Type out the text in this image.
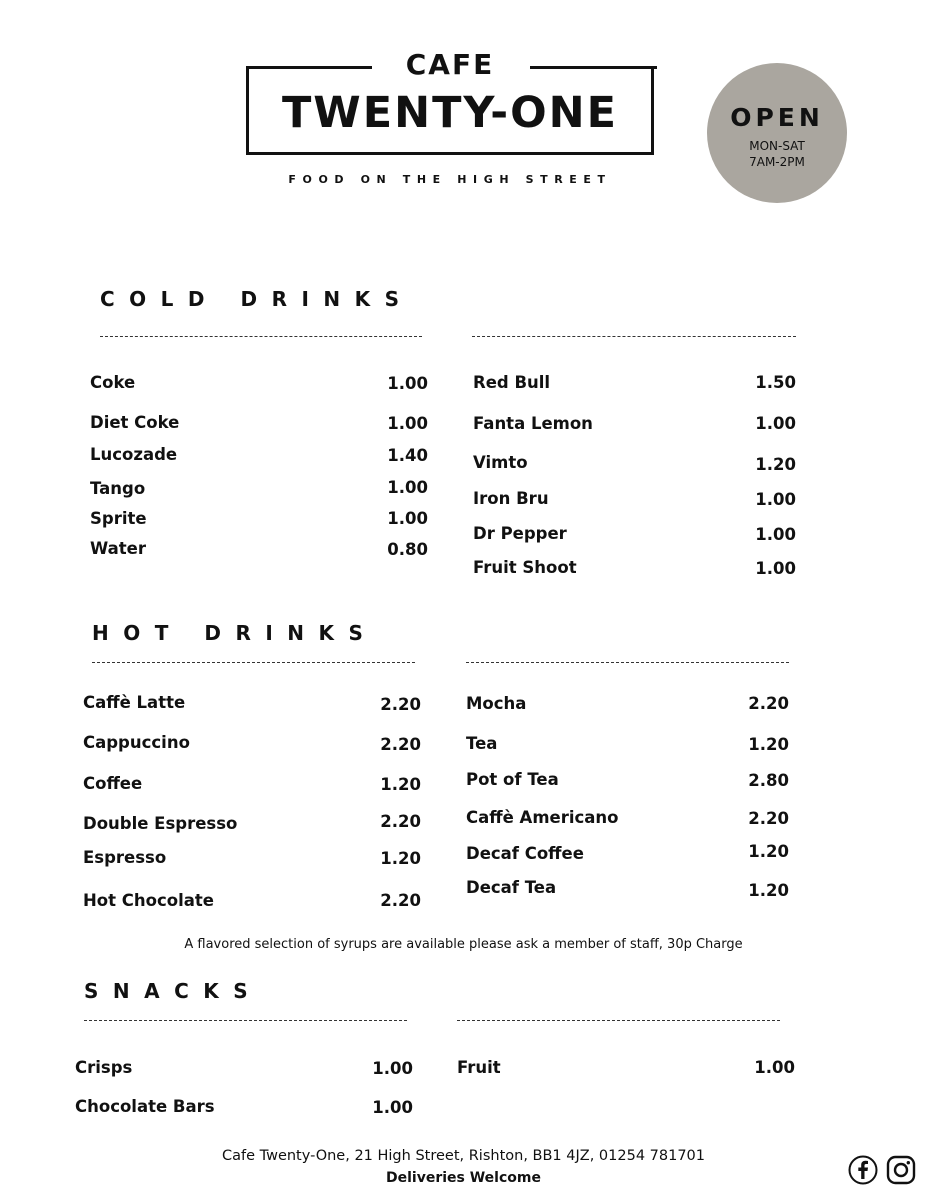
CAFE
TWENTY-ONE
FOOD ON THE HIGH STREET
OPEN
MON-SAT
7AM-2PM
COLD DRINKS
Coke	1.00
Diet Coke	1.00
Lucozade	1.40
Tango	1.00
Sprite	1.00
Water	0.80
Red Bull	1.50
Fanta Lemon	1.00
Vimto	1.20
Iron Bru	1.00
Dr Pepper	1.00
Fruit Shoot	1.00
HOT DRINKS
Caffè Latte	2.20
Cappuccino	2.20
Coffee	1.20
Double Espresso	2.20
Espresso	1.20
Hot Chocolate	2.20
Mocha	2.20
Tea	1.20
Pot of Tea	2.80
Caffè Americano	2.20
Decaf Coffee	1.20
Decaf Tea	1.20
A flavored selection of syrups are available please ask a member of staff, 30p Charge
SNACKS
Crisps	1.00
Chocolate Bars	1.00
Fruit	1.00
Cafe Twenty-One, 21 High Street, Rishton, BB1 4JZ, 01254 781701
Deliveries Welcome
